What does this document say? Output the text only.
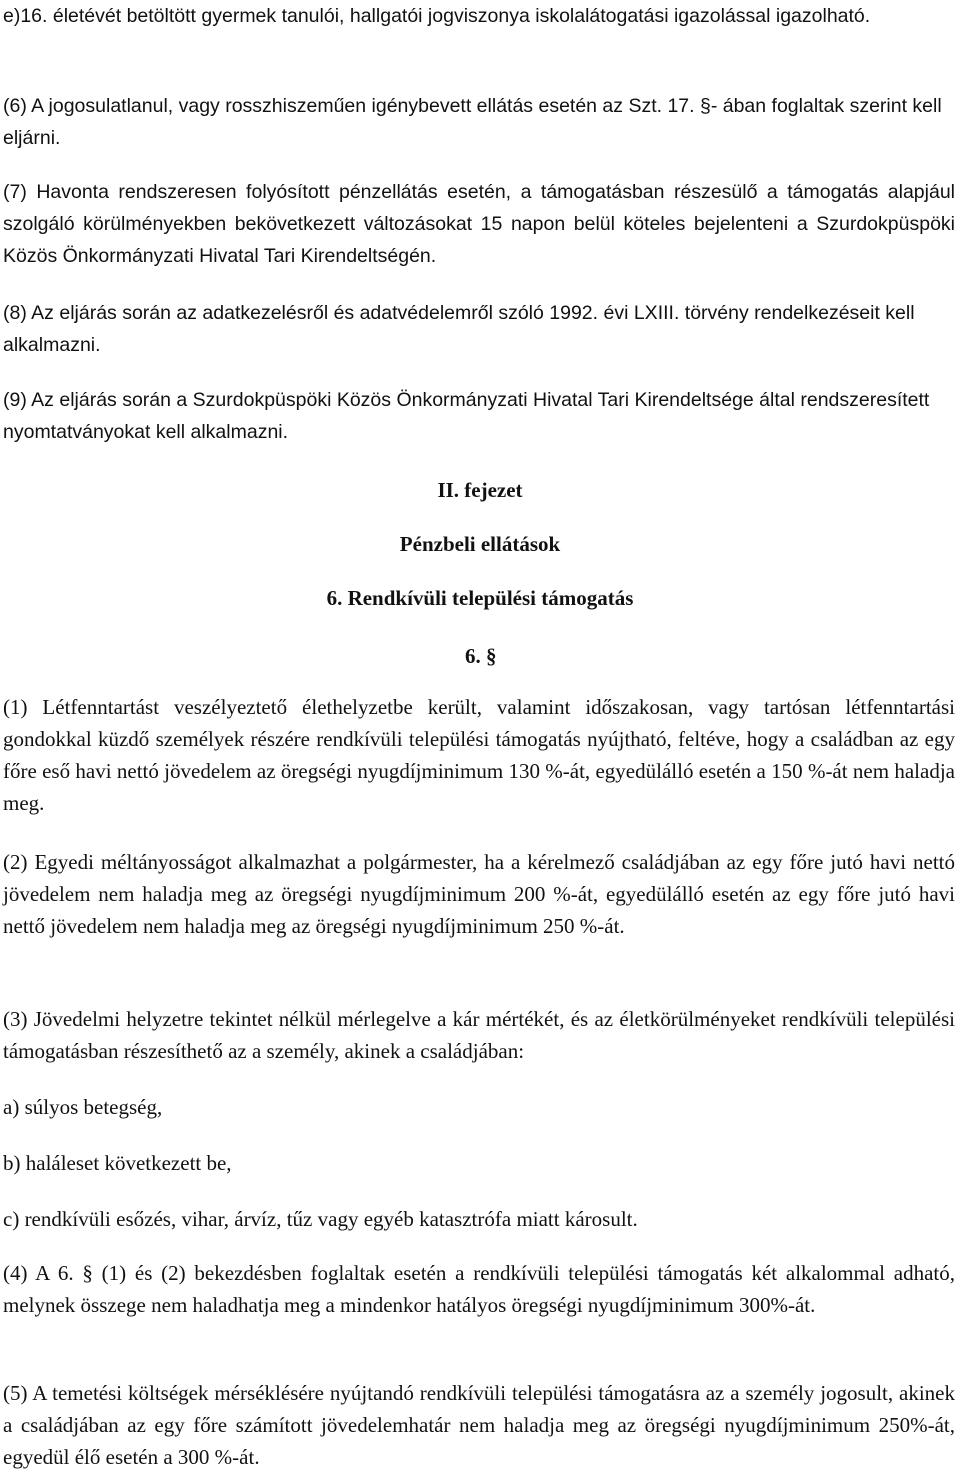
e)16. életévét betöltött gyermek tanulói, hallgatói jogviszonya iskolalátogatási igazolással igazolható.

(6) A jogosulatlanul, vagy rosszhiszeműen igénybevett ellátás esetén az Szt. 17. §- ában foglaltak szerint kell eljárni.

(7) Havonta rendszeresen folyósított pénzellátás esetén, a támogatásban részesülő a támogatás alapjául szolgáló körülményekben bekövetkezett változásokat 15 napon belül köteles bejelenteni a Szurdokpüspöki Közös Önkormányzati Hivatal Tari Kirendeltségén.

(8) Az eljárás során az adatkezelésről és adatvédelemről szóló 1992. évi LXIII. törvény rendelkezéseit kell alkalmazni.

(9) Az eljárás során a Szurdokpüspöki Közös Önkormányzati Hivatal Tari Kirendeltsége által rendszeresített nyomtatványokat kell alkalmazni.

II. fejezet
Pénzbeli ellátások
6. Rendkívüli települési támogatás

6. §

(1) Létfenntartást veszélyeztető élethelyzetbe került, valamint időszakosan, vagy tartósan létfenntartási gondokkal küzdő személyek részére rendkívüli települési támogatás nyújtható, feltéve, hogy a családban az egy főre eső havi nettó jövedelem az öregségi nyugdíjminimum 130 %-át, egyedülálló esetén a 150 %-át nem haladja meg.

(2) Egyedi méltányosságot alkalmazhat a polgármester, ha a kérelmező családjában az egy főre jutó havi nettó jövedelem nem haladja meg az öregségi nyugdíjminimum 200 %-át, egyedülálló esetén az egy főre jutó havi nettő jövedelem nem haladja meg az öregségi nyugdíjminimum 250 %-át.

(3) Jövedelmi helyzetre tekintet nélkül mérlegelve a kár mértékét, és az életkörülményeket rendkívüli települési támogatásban részesíthető az a személy, akinek a családjában:

a) súlyos betegség,

b) haláleset következett be,

c) rendkívüli esőzés, vihar, árvíz, tűz vagy egyéb katasztrófa miatt károsult.

(4) A 6. § (1) és (2) bekezdésben foglaltak esetén a rendkívüli települési támogatás két alkalommal adható, melynek összege nem haladhatja meg a mindenkor hatályos öregségi nyugdíjminimum 300%-át.

(5) A temetési költségek mérséklésére nyújtandó rendkívüli települési támogatásra az a személy jogosult, akinek a családjában az egy főre számított jövedelemhatár nem haladja meg az öregségi nyugdíjminimum 250%-át, egyedül élő esetén a 300 %-át.
